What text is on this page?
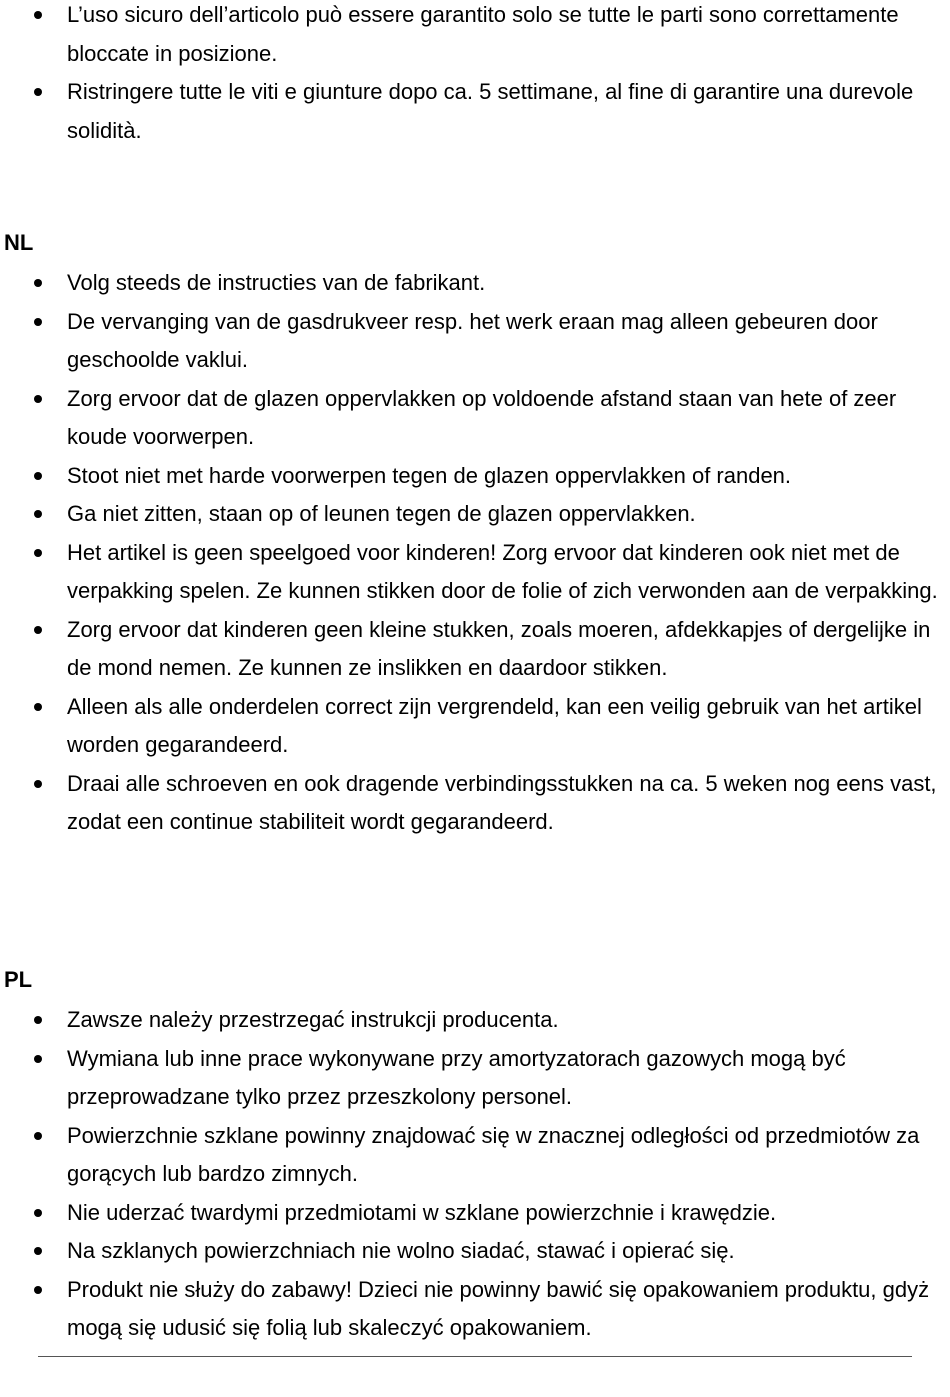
L’uso sicuro dell’articolo può essere garantito solo se tutte le parti sono correttamente bloccate in posizione.
Ristringere tutte le viti e giunture dopo ca. 5 settimane, al fine di garantire una durevole solidità.
NL
Volg steeds de instructies van de fabrikant.
De vervanging van de gasdrukveer resp. het werk eraan mag alleen gebeuren door geschoolde vaklui.
Zorg ervoor dat de glazen oppervlakken op voldoende afstand staan van hete of zeer koude voorwerpen.
Stoot niet met harde voorwerpen tegen de glazen oppervlakken of randen.
Ga niet zitten, staan op of leunen tegen de glazen oppervlakken.
Het artikel is geen speelgoed voor kinderen! Zorg ervoor dat kinderen ook niet met de verpakking spelen. Ze kunnen stikken door de folie of zich verwonden aan de verpakking.
Zorg ervoor dat kinderen geen kleine stukken, zoals moeren, afdekkapjes of dergelijke in de mond nemen. Ze kunnen ze inslikken en daardoor stikken.
Alleen als alle onderdelen correct zijn vergrendeld, kan een veilig gebruik van het artikel worden gegarandeerd.
Draai alle schroeven en ook dragende verbindingsstukken na ca. 5 weken nog eens vast, zodat een continue stabiliteit wordt gegarandeerd.
PL
Zawsze należy przestrzegać instrukcji producenta.
Wymiana lub inne prace wykonywane przy amortyzatorach gazowych mogą być przeprowadzane tylko przez przeszkolony personel.
Powierzchnie szklane powinny znajdować się w znacznej odległości od przedmiotów za gorących lub bardzo zimnych.
Nie uderzać twardymi przedmiotami w szklane powierzchnie i krawędzie.
Na szklanych powierzchniach nie wolno siadać, stawać i opierać się.
Produkt nie służy do zabawy! Dzieci nie powinny bawić się opakowaniem produktu, gdyż mogą się udusić się folią lub skaleczyć opakowaniem.
